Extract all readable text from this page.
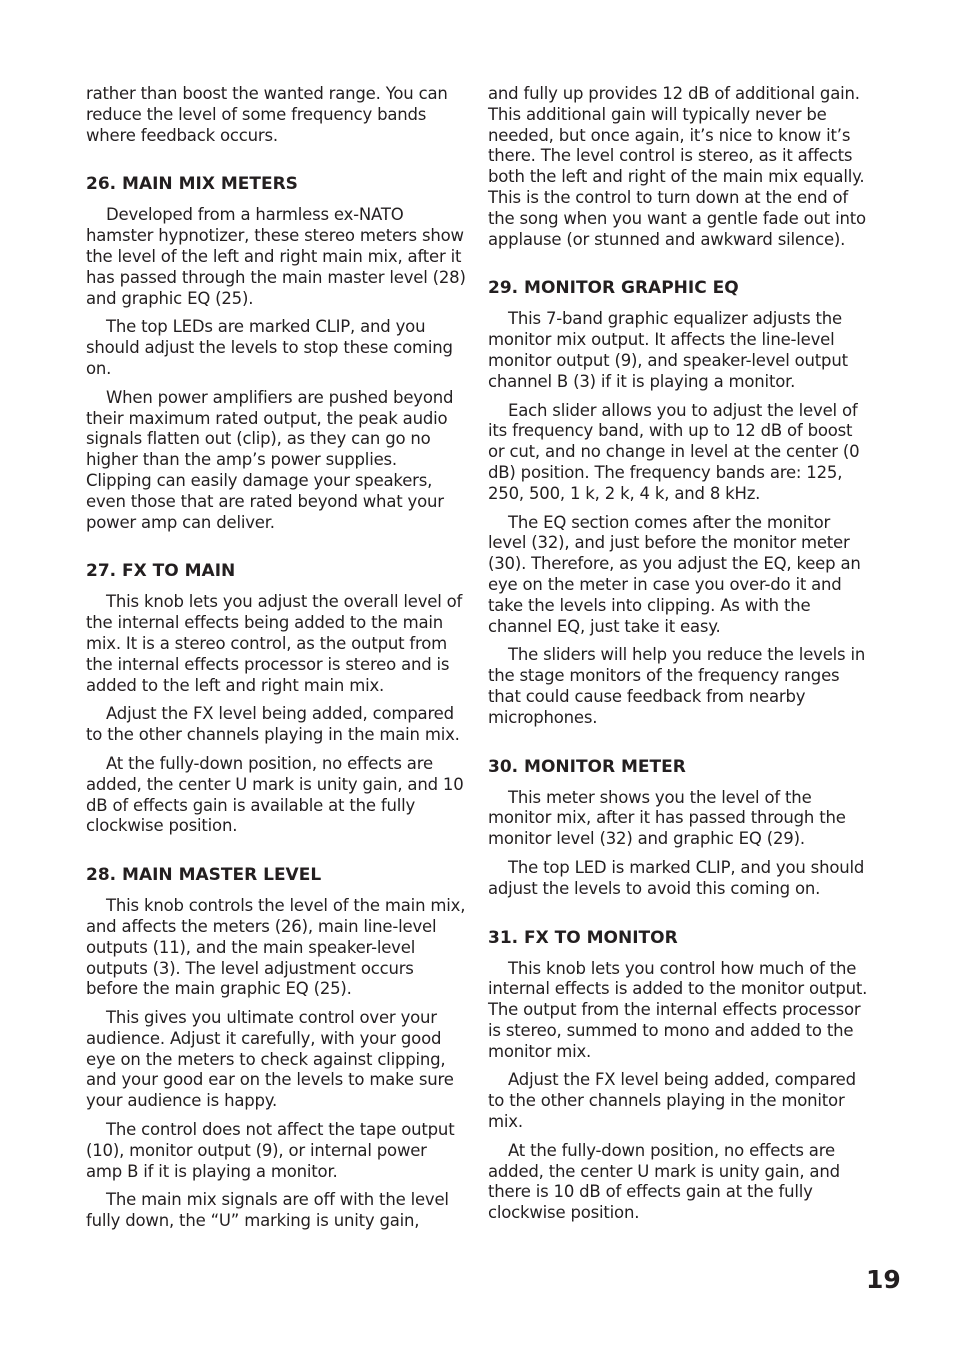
rather than boost the wanted range. You can reduce the level of some frequency bands where feedback occurs.

26. MAIN MIX METERS

Developed from a harmless ex-NATO hamster hypnotizer, these stereo meters show the level of the left and right main mix, after it has passed through the main master level (28) and graphic EQ (25).

The top LEDs are marked CLIP, and you should adjust the levels to stop these coming on.

When power amplifiers are pushed beyond their maximum rated output, the peak audio signals flatten out (clip), as they can go no higher than the amp’s power supplies. Clipping can easily damage your speakers, even those that are rated beyond what your power amp can deliver.

27. FX TO MAIN

This knob lets you adjust the overall level of the internal effects being added to the main mix. It is a stereo control, as the output from the internal effects processor is stereo and is added to the left and right main mix.

Adjust the FX level being added, compared to the other channels playing in the main mix.

At the fully-down position, no effects are added, the center U mark is unity gain, and 10 dB of effects gain is available at the fully clockwise position.

28. MAIN MASTER LEVEL

This knob controls the level of the main mix, and affects the meters (26), main line-level outputs (11), and the main speaker-level outputs (3). The level adjustment occurs before the main graphic EQ (25).

This gives you ultimate control over your audience. Adjust it carefully, with your good eye on the meters to check against clipping, and your good ear on the levels to make sure your audience is happy.

The control does not affect the tape output (10), monitor output (9), or internal power amp B if it is playing a monitor.

The main mix signals are off with the level fully down, the “U” marking is unity gain,

and fully up provides 12 dB of additional gain. This additional gain will typically never be needed, but once again, it’s nice to know it’s there. The level control is stereo, as it affects both the left and right of the main mix equally. This is the control to turn down at the end of the song when you want a gentle fade out into applause (or stunned and awkward silence).

29. MONITOR GRAPHIC EQ

This 7-band graphic equalizer adjusts the monitor mix output. It affects the line-level monitor output (9), and speaker-level output channel B (3) if it is playing a monitor.

Each slider allows you to adjust the level of its frequency band, with up to 12 dB of boost or cut, and no change in level at the center (0 dB) position. The frequency bands are: 125, 250, 500, 1 k, 2 k, 4 k, and 8 kHz.

The EQ section comes after the monitor level (32), and just before the monitor meter (30). Therefore, as you adjust the EQ, keep an eye on the meter in case you over-do it and take the levels into clipping. As with the channel EQ, just take it easy.

The sliders will help you reduce the levels in the stage monitors of the frequency ranges that could cause feedback from nearby microphones.

30. MONITOR METER

This meter shows you the level of the monitor mix, after it has passed through the monitor level (32) and graphic EQ (29).

The top LED is marked CLIP, and you should adjust the levels to avoid this coming on.

31. FX TO MONITOR

This knob lets you control how much of the internal effects is added to the monitor output. The output from the internal effects processor is stereo, summed to mono and added to the monitor mix.

Adjust the FX level being added, compared to the other channels playing in the monitor mix.

At the fully-down position, no effects are added, the center U mark is unity gain, and there is 10 dB of effects gain at the fully clockwise position.

19
